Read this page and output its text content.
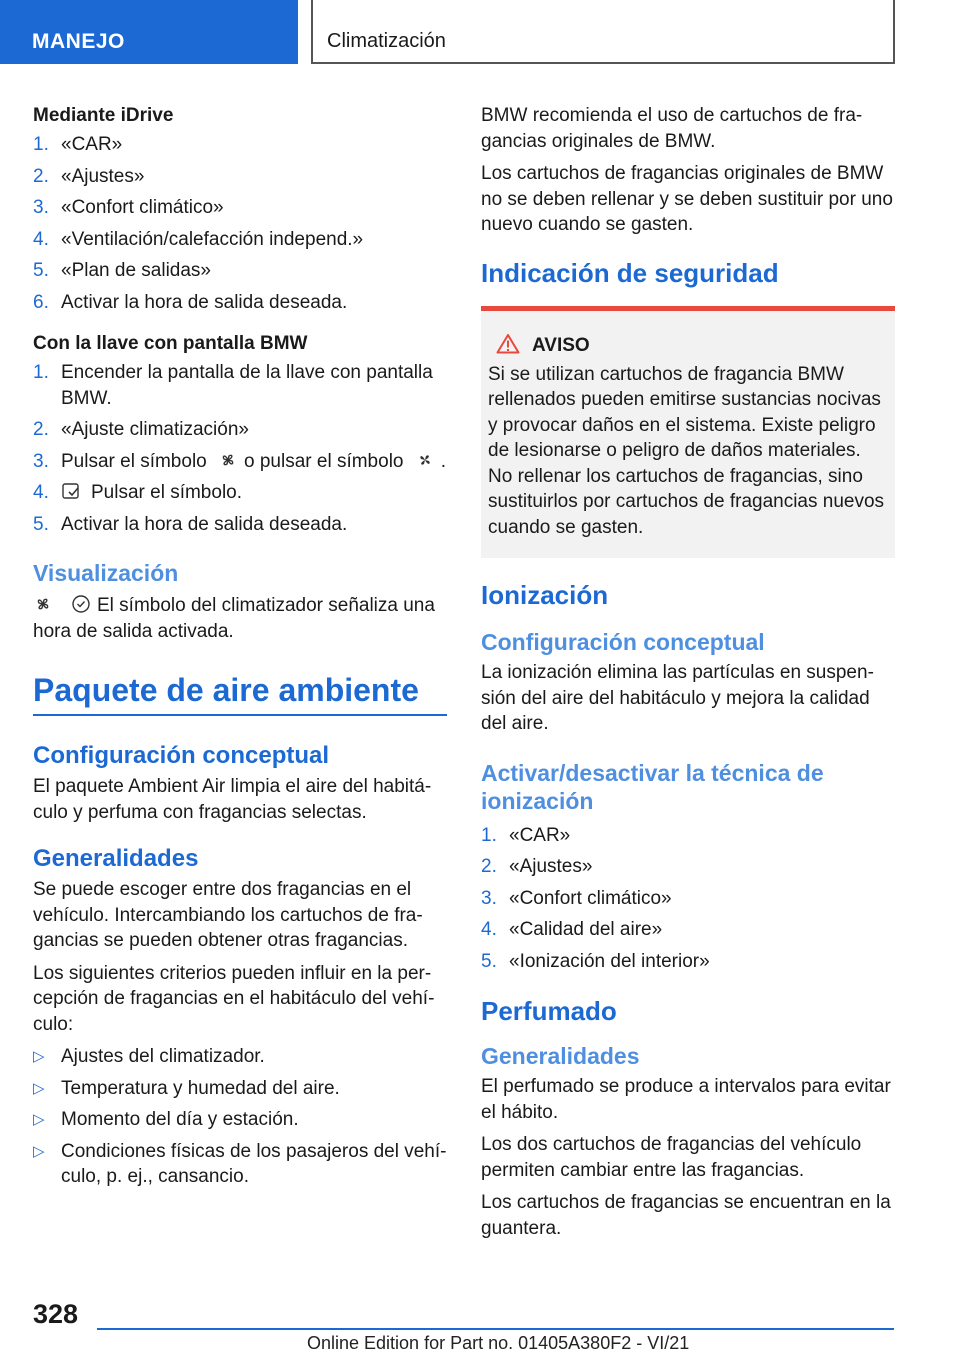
MANEJO	Climatización
Mediante iDrive
1. «CAR»
2. «Ajustes»
3. «Confort climático»
4. «Ventilación/calefacción independ.»
5. «Plan de salidas»
6. Activar la hora de salida deseada.
Con la llave con pantalla BMW
1. Encender la pantalla de la llave con pantalla BMW.
2. «Ajuste climatización»
3. Pulsar el símbolo o pulsar el símbolo .
4. Pulsar el símbolo.
5. Activar la hora de salida deseada.
Visualización

El símbolo del climatizador señaliza una hora de salida activada.

Paquete de aire ambiente
Configuración conceptual

El paquete Ambient Air limpia el aire del habitáculo y perfuma con fragancias selectas.

Generalidades

Se puede escoger entre dos fragancias en el vehículo. Intercambiando los cartuchos de fragancias se pueden obtener otras fragancias.

Los siguientes criterios pueden influir en la percepción de fragancias en el habitáculo del vehículo:

▷ Ajustes del climatizador.
▷ Temperatura y humedad del aire.
▷ Momento del día y estación.
▷ Condiciones físicas de los pasajeros del vehículo, p. ej., cansancio.

BMW recomienda el uso de cartuchos de fragancias originales de BMW.

Los cartuchos de fragancias originales de BMW no se deben rellenar y se deben sustituir por uno nuevo cuando se gasten.

Indicación de seguridad
AVISO

Si se utilizan cartuchos de fragancia BMW rellenados pueden emitirse sustancias nocivas y provocar daños en el sistema. Existe peligro de lesionarse o peligro de daños materiales. No rellenar los cartuchos de fragancias, sino sustituirlos por cartuchos de fragancias nuevos cuando se gasten.

Ionización
Configuración conceptual

La ionización elimina las partículas en suspensión del aire del habitáculo y mejora la calidad del aire.

Activar/desactivar la técnica de ionización
1. «CAR»
2. «Ajustes»
3. «Confort climático»
4. «Calidad del aire»
5. «Ionización del interior»
Perfumado
Generalidades

El perfumado se produce a intervalos para evitar el hábito.

Los dos cartuchos de fragancias del vehículo permiten cambiar entre las fragancias.

Los cartuchos de fragancias se encuentran en la guantera.

328
Online Edition for Part no. 01405A380F2 - VI/21
